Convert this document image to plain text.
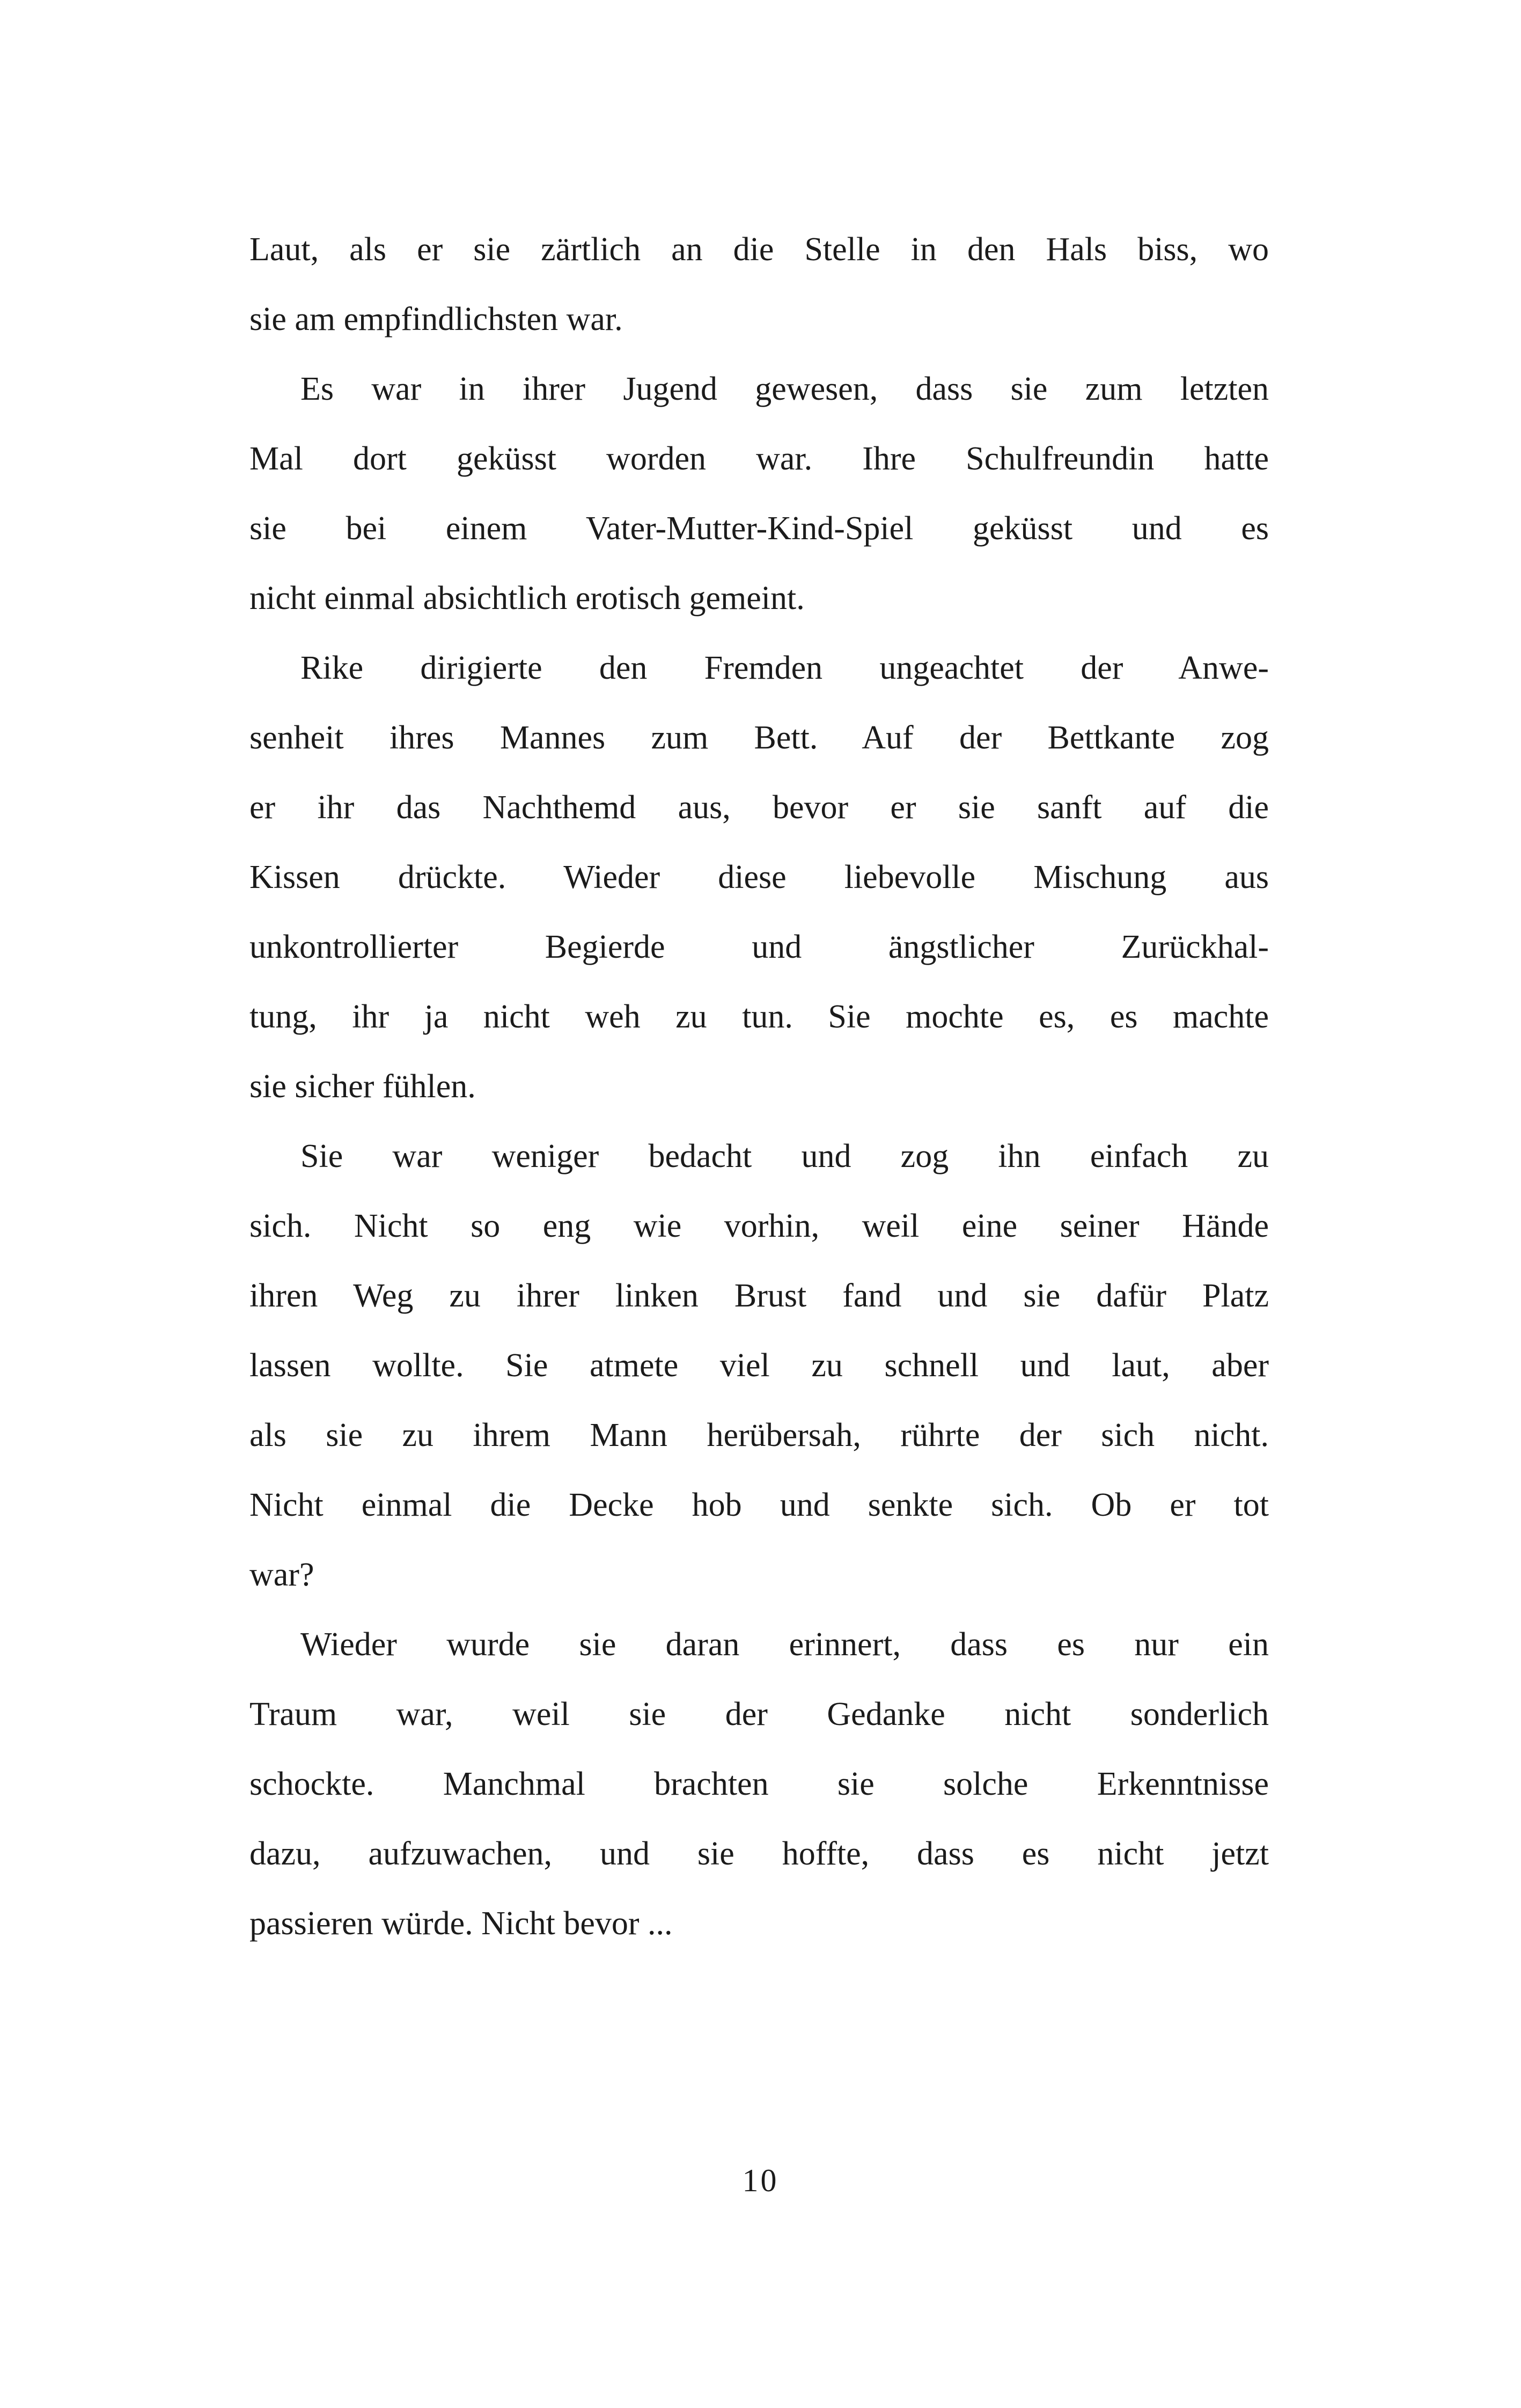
Laut, als er sie zärtlich an die Stelle in den Hals biss, wo
sie am empfindlichsten war.
Es war in ihrer Jugend gewesen, dass sie zum letzten
Mal dort geküsst worden war. Ihre Schulfreundin hatte
sie bei einem Vater-Mutter-Kind-Spiel geküsst und es
nicht einmal absichtlich erotisch gemeint.
Rike dirigierte den Fremden ungeachtet der Anwe-
senheit ihres Mannes zum Bett. Auf der Bettkante zog
er ihr das Nachthemd aus, bevor er sie sanft auf die
Kissen drückte. Wieder diese liebevolle Mischung aus
unkontrollierter Begierde und ängstlicher Zurückhal-
tung, ihr ja nicht weh zu tun. Sie mochte es, es machte
sie sicher fühlen.
Sie war weniger bedacht und zog ihn einfach zu
sich. Nicht so eng wie vorhin, weil eine seiner Hände
ihren Weg zu ihrer linken Brust fand und sie dafür Platz
lassen wollte. Sie atmete viel zu schnell und laut, aber
als sie zu ihrem Mann herübersah, rührte der sich nicht.
Nicht einmal die Decke hob und senkte sich. Ob er tot
war?
Wieder wurde sie daran erinnert, dass es nur ein
Traum war, weil sie der Gedanke nicht sonderlich
schockte. Manchmal brachten sie solche Erkenntnisse
dazu, aufzuwachen, und sie hoffte, dass es nicht jetzt
passieren würde. Nicht bevor ...
10
